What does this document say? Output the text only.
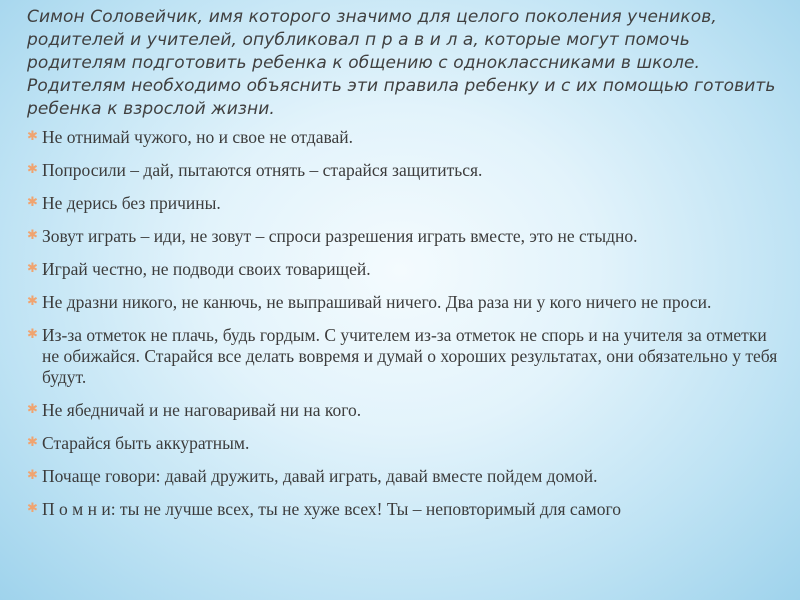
Симон Соловейчик, имя которого значимо для целого поколения учеников, родителей и учителей, опубликовал п р а в и л а, которые могут помочь родителям подготовить ребенка к общению с одноклассниками в школе. Родителям необходимо объяснить эти правила ребенку и с их помощью готовить ребенка к взрослой жизни.

✱ Не отнимай чужого, но и свое не отдавай.
✱ Попросили – дай, пытаются отнять – старайся защититься.
✱ Не дерись без причины.
✱ Зовут играть – иди, не зовут – спроси разрешения играть вместе, это не стыдно.
✱ Играй честно, не подводи своих товарищей.
✱ Не дразни никого, не канючь, не выпрашивай ничего. Два раза ни у кого ничего не проси.
✱ Из-за отметок не плачь, будь гордым. С учителем из-за отметок не спорь и на учителя за отметки не обижайся. Старайся все делать вовремя и думай о хороших результатах, они обязательно у тебя будут.
✱ Не ябедничай и не наговаривай ни на кого.
✱ Старайся быть аккуратным.
✱ Почаще говори: давай дружить, давай играть, давай вместе пойдем домой.
✱ П о м н и: ты не лучше всех, ты не хуже всех! Ты – неповторимый для самого
